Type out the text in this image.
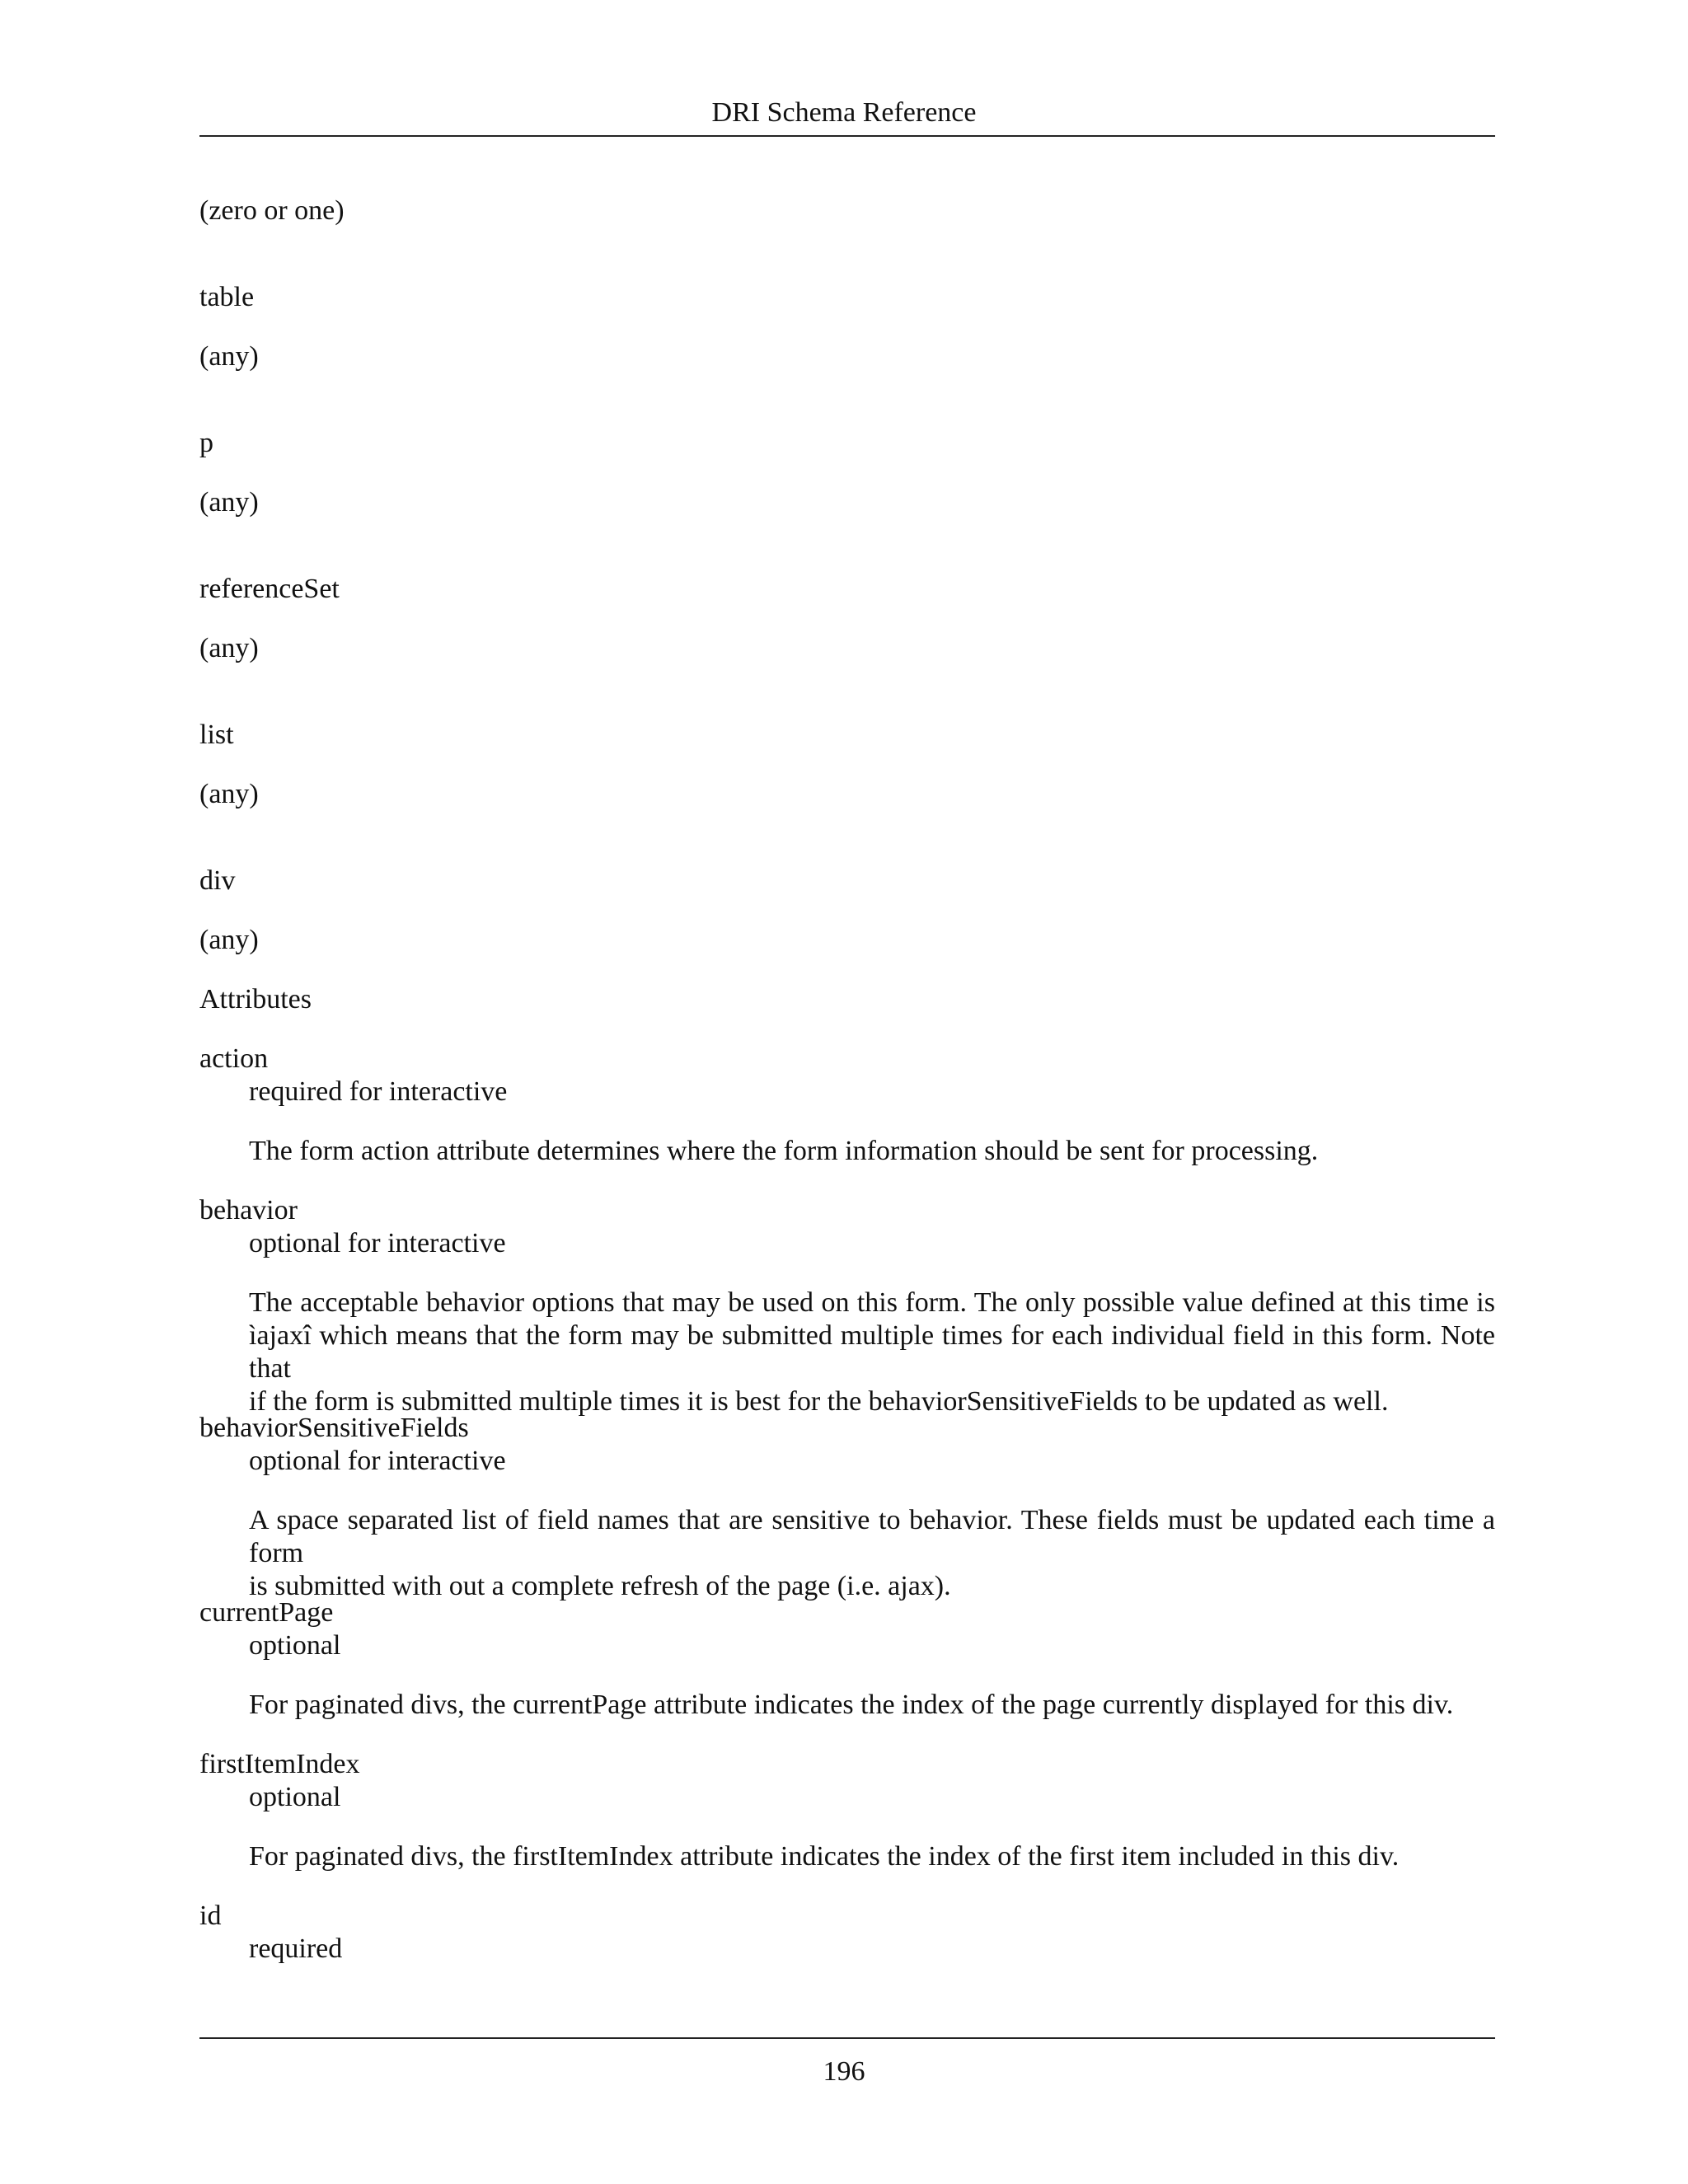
DRI Schema Reference
(zero or one)
table
(any)
p
(any)
referenceSet
(any)
list
(any)
div
(any)
Attributes
action
required for interactive
The form action attribute determines where the form information should be sent for processing.
behavior
optional for interactive
The acceptable behavior options that may be used on this form. The only possible value defined at this time is ìajaxî which means that the form may be submitted multiple times for each individual field in this form. Note that
if the form is submitted multiple times it is best for the behaviorSensitiveFields to be updated as well.
behaviorSensitiveFields
optional for interactive
A space separated list of field names that are sensitive to behavior. These fields must be updated each time a form
is submitted with out a complete refresh of the page (i.e. ajax).
currentPage
optional
For paginated divs, the currentPage attribute indicates the index of the page currently displayed for this div.
firstItemIndex
optional
For paginated divs, the firstItemIndex attribute indicates the index of the first item included in this div.
id
required
196
